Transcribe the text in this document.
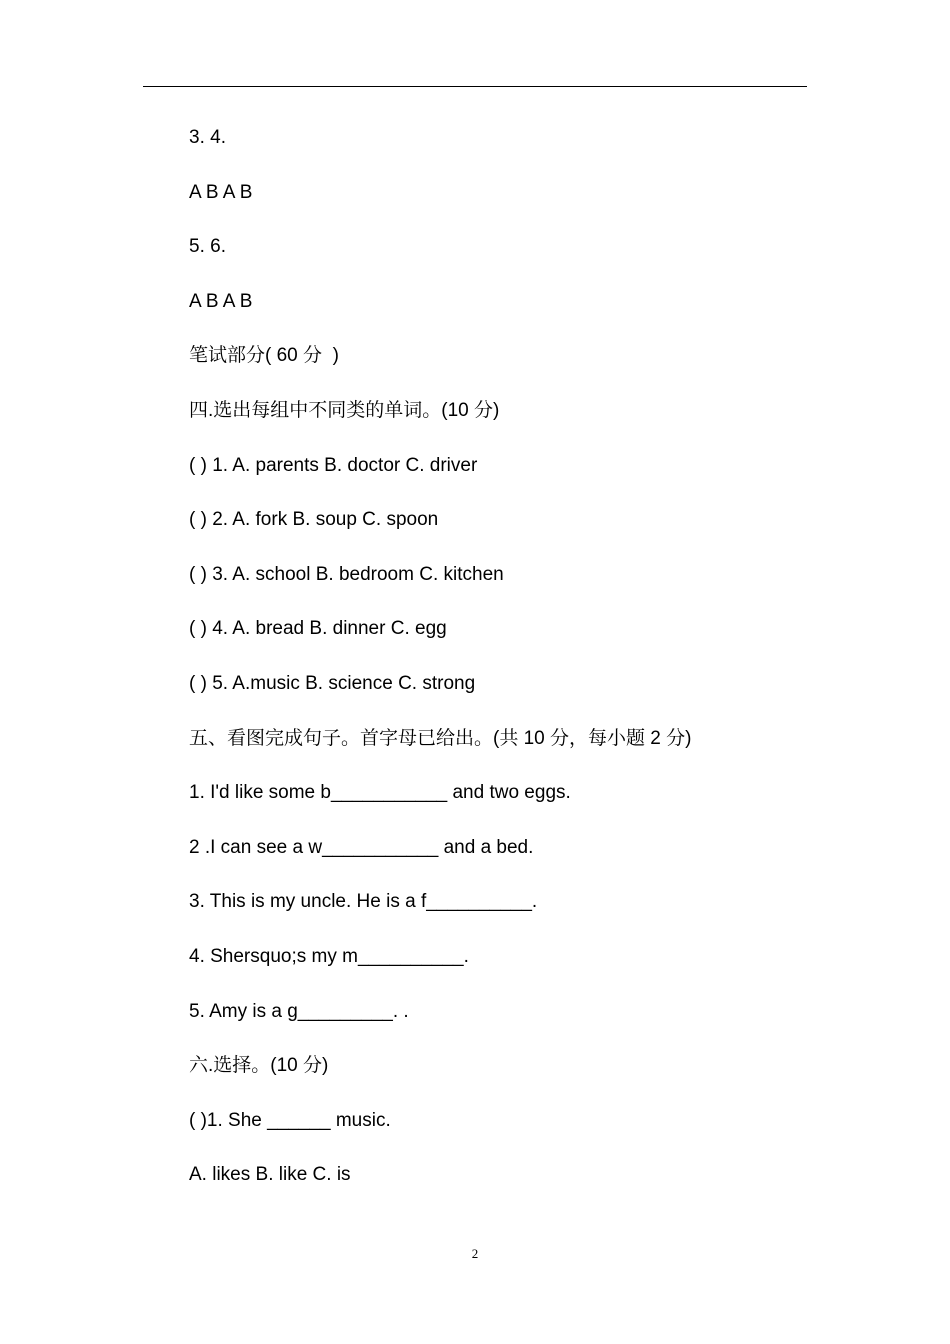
3. 4.
A B A B
5. 6.
A B A B
笔试部分( 60 分  )
四.选出每组中不同类的单词。(10 分)
( ) 1. A. parents B. doctor C. driver
( ) 2. A. fork B. soup C. spoon
( ) 3. A. school B. bedroom C. kitchen
( ) 4. A. bread B. dinner C. egg
( ) 5. A.music B. science C. strong
五、看图完成句子。首字母已给出。(共 10 分，每小题 2 分)
1. I'd like some b___________ and two eggs.
2 .I can see a w___________ and a bed.
3. This is my uncle. He is a f__________.
4. Shersquo;s my m__________.
5. Amy is a g_________. .
六.选择。(10 分)
( )1. She ______ music.
A. likes B. like C. is
2
